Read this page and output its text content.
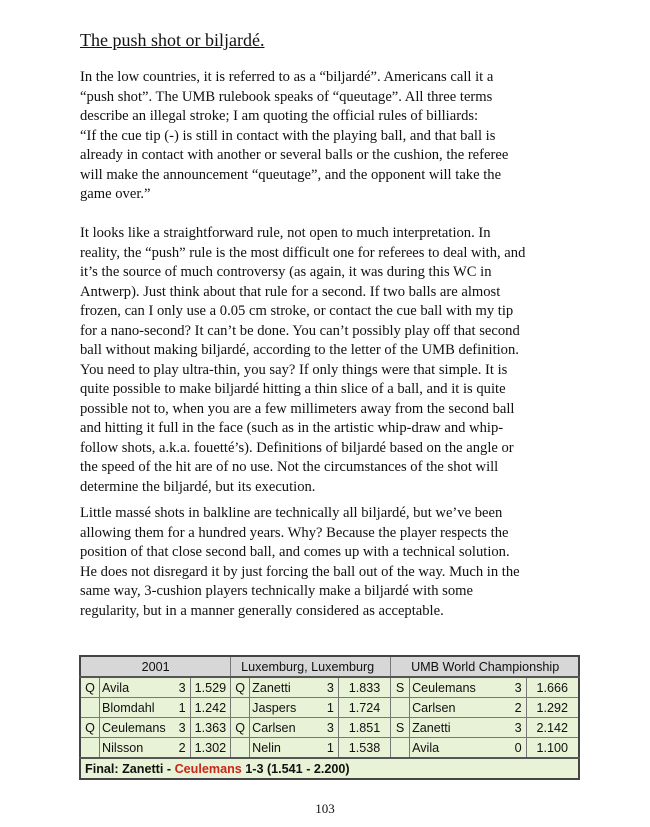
The push shot or biljardé.
In the low countries, it is referred to as a “biljardé”. Americans call it a
“push shot”. The UMB rulebook speaks of “queutage”. All three terms
describe an illegal stroke; I am quoting the official rules of billiards:
“If the cue tip (-) is still in contact with the playing ball, and that ball is
already in contact with another or several balls or the cushion, the referee
will make the announcement “queutage”, and the opponent will take the
game over.”
It looks like a straightforward rule, not open to much interpretation. In
reality, the “push” rule is the most difficult one for referees to deal with, and
it’s the source of much controversy (as again, it was during this WC in
Antwerp). Just think about that rule for a second. If two balls are almost
frozen, can I only use a 0.05 cm stroke, or contact the cue ball with my tip
for a nano-second? It can’t be done. You can’t possibly play off that second
ball without making biljardé, according to the letter of the UMB definition.
You need to play ultra-thin, you say? If only things were that simple. It is
quite possible to make biljardé hitting a thin slice of a ball, and it is quite
possible not to, when you are a few millimeters away from the second ball
and hitting it full in the face (such as in the artistic whip-draw and whip-
follow shots, a.k.a. fouetté’s). Definitions of biljardé based on the angle or
the speed of the hit are of no use. Not the circumstances of the shot will
determine the biljardé, but its execution.
Little massé shots in balkline are technically all biljardé, but we’ve been
allowing them for a hundred years. Why? Because the player respects the
position of that close second ball, and comes up with a technical solution.
He does not disregard it by just forcing the ball out of the way. Much in the
same way, 3-cushion players technically make a biljardé with some
regularity, but in a manner generally considered as acceptable.
2001				Luxemburg, Luxemburg				UMB World Championship			
Q	Avila	3	1.529	Q	Zanetti	3	1.833	S	Ceulemans	3	1.666
	Blomdahl	1	1.242		Jaspers	1	1.724		Carlsen	2	1.292
Q	Ceulemans	3	1.363	Q	Carlsen	3	1.851	S	Zanetti	3	2.142
	Nilsson	2	1.302		Nelin	1	1.538		Avila	0	1.100
Final: Zanetti - Ceulemans 1-3 (1.541 - 2.200)											
103
